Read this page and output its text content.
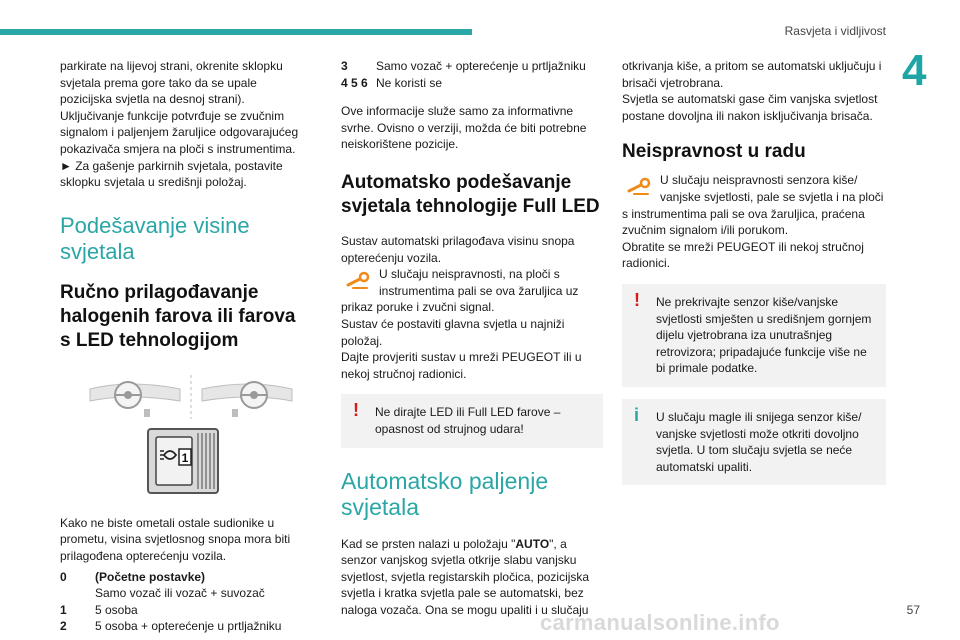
Rasvjeta i vidljivost
4

parkirate na lijevoj strani, okrenite sklopku svjetala prema gore tako da se upale pozicijska svjetla na desnoj strani).

Uključivanje funkcije potvrđuje se zvučnim signalom i paljenjem žaruljice odgovarajućeg pokazivača smjera na ploči s instrumentima.

► Za gašenje parkirnih svjetala, postavite sklopku svjetala u središnji položaj.

Podešavanje visine svjetala
Ručno prilagođavanje halogenih farova ili farova s LED tehnologijom
1

Kako ne biste ometali ostale sudionike u prometu, visina svjetlosnog snopa mora biti prilagođena opterećenju vozila.

0	(Početne postavke)
Samo vozač ili vozač + suvozač
1	5 osoba
2	5 osoba + opterećenje u prtljažniku
3	Samo vozač + opterećenje u prtljažniku
4 5 6 Ne koristi se

Ove informacije služe samo za informativne svrhe. Ovisno o verziji, možda će biti potrebne neiskorištene pozicije.

Automatsko podešavanje svjetala tehnologije Full LED

Sustav automatski prilagođava visinu snopa opterećenju vozila.

U slučaju neispravnosti, na ploči s instrumentima pali se ova žaruljica uz prikaz poruke i zvučni signal.

Sustav će postaviti glavna svjetla u najniži položaj.

Dajte provjeriti sustav u mreži PEUGEOT ili u nekoj stručnoj radionici.

! Ne dirajte LED ili Full LED farove – opasnost od strujnog udara!

Automatsko paljenje svjetala

Kad se prsten nalazi u položaju "AUTO", a senzor vanjskog svjetla otkrije slabu vanjsku svjetlost, svjetla registarskih pločica, pozicijska svjetla i kratka svjetla pale se automatski, bez naloga vozača. Ona se mogu upaliti i u slučaju

otkrivanja kiše, a pritom se automatski uključuju i brisači vjetrobrana.

Svjetla se automatski gase čim vanjska svjetlost postane dovoljna ili nakon isključivanja brisača.

Neispravnost u radu

U slučaju neispravnosti senzora kiše/ vanjske svjetlosti, pale se svjetla i na ploči s instrumentima pali se ova žaruljica, praćena zvučnim signalom i/ili porukom.

Obratite se mreži PEUGEOT ili nekoj stručnoj radionici.

! Ne prekrivajte senzor kiše/vanjske svjetlosti smješten u središnjem gornjem dijelu vjetrobrana iza unutrašnjeg retrovizora; pripadajuće funkcije više ne bi primale podatke.

i U slučaju magle ili snijega senzor kiše/ vanjske svjetlosti može otkriti dovoljno svjetla. U tom slučaju svjetla se neće automatski upaliti.

57
carmanualsonline.info
